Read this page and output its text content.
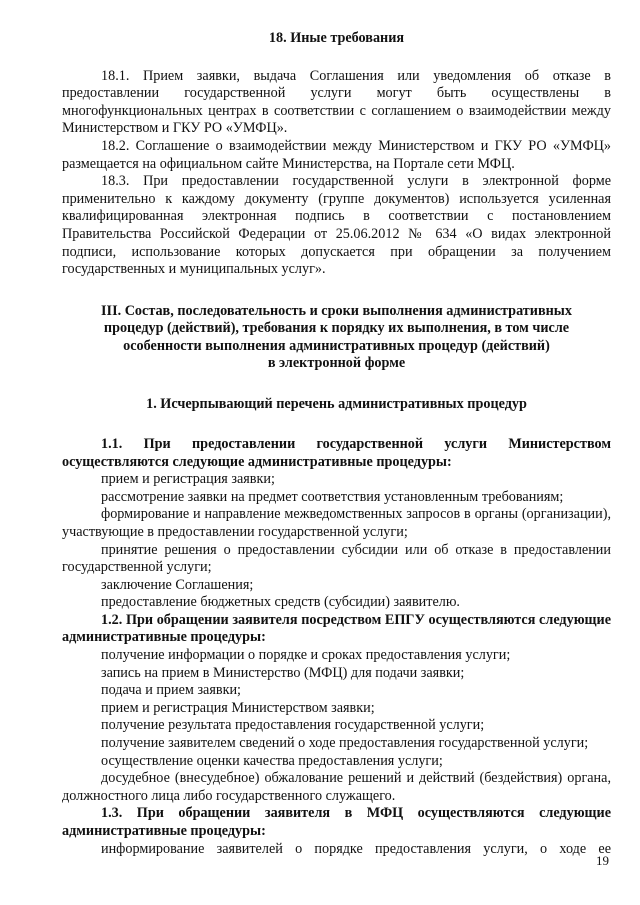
18. Иные требования

18.1. Прием заявки, выдача Соглашения или уведомления об отказе в предоставлении государственной услуги могут быть осуществлены в многофункциональных центрах в соответствии с соглашением о взаимодействии между Министерством и ГКУ РО «УМФЦ».

18.2. Соглашение о взаимодействии между Министерством и ГКУ РО «УМФЦ» размещается на официальном сайте Министерства, на Портале сети МФЦ.

18.3. При предоставлении государственной услуги в электронной форме применительно к каждому документу (группе документов) используется усиленная квалифицированная электронная подпись в соответствии с постановлением Правительства Российской Федерации от 25.06.2012 № 634 «О видах электронной подписи, использование которых допускается при обращении за получением государственных и муниципальных услуг».

III. Состав, последовательность и сроки выполнения административных
процедур (действий), требования к порядку их выполнения, в том числе
особенности выполнения административных процедур (действий)
в электронной форме
1. Исчерпывающий перечень административных процедур

1.1. При предоставлении государственной услуги Министерством осуществляются следующие административные процедуры:

прием и регистрация заявки;

рассмотрение заявки на предмет соответствия установленным требованиям;

формирование и направление межведомственных запросов в органы (организации), участвующие в предоставлении государственной услуги;

принятие решения о предоставлении субсидии или об отказе в предоставлении государственной услуги;

заключение Соглашения;

предоставление бюджетных средств (субсидии) заявителю.

1.2. При обращении заявителя посредством ЕПГУ осуществляются следующие административные процедуры:

получение информации о порядке и сроках предоставления услуги;

запись на прием в Министерство (МФЦ) для подачи заявки;

подача и прием заявки;

прием и регистрация Министерством заявки;

получение результата предоставления государственной услуги;

получение заявителем сведений о ходе предоставления государственной услуги;

осуществление оценки качества предоставления услуги;

досудебное (внесудебное) обжалование решений и действий (бездействия) органа, должностного лица либо государственного служащего.

1.3. При обращении заявителя в МФЦ осуществляются следующие административные процедуры:

информирование заявителей о порядке предоставления услуги, о ходе ее

19
